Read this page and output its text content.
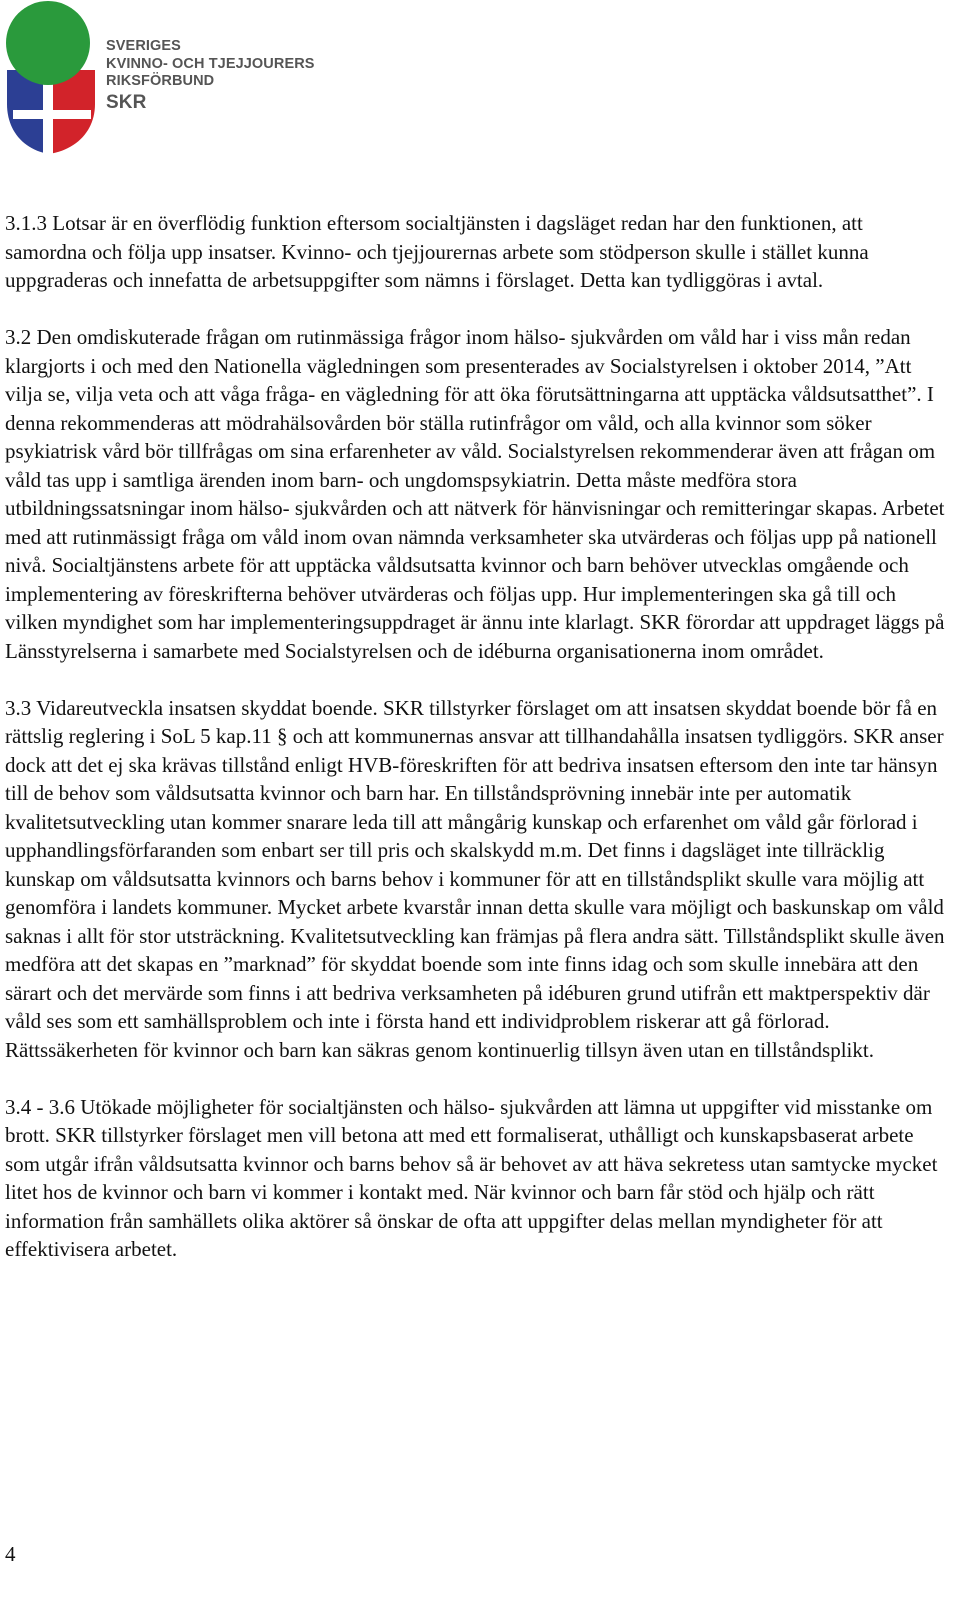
SVERIGES
KVINNO- OCH TJEJJOURERS
RIKSFÖRBUND
SKR

3.1.3 Lotsar är en överflödig funktion eftersom socialtjänsten i dagsläget redan har den funktionen, att samordna och följa upp insatser. Kvinno- och tjejjourernas arbete som stödperson skulle i stället kunna uppgraderas och innefatta de arbetsuppgifter som nämns i förslaget. Detta kan tydliggöras i avtal.

3.2 Den omdiskuterade frågan om rutinmässiga frågor inom hälso- sjukvården om våld har i viss mån redan klargjorts i och med den Nationella vägledningen som presenterades av Socialstyrelsen i oktober 2014, ”Att vilja se, vilja veta och att våga fråga- en vägledning för att öka förutsättningarna att upptäcka våldsutsatthet”. I denna rekommenderas att mödrahälsovården bör ställa rutinfrågor om våld, och alla kvinnor som söker psykiatrisk vård bör tillfrågas om sina erfarenheter av våld. Socialstyrelsen rekommenderar även att frågan om våld tas upp i samtliga ärenden inom barn- och ungdomspsykiatrin. Detta måste medföra stora utbildningssatsningar inom hälso- sjukvården och att nätverk för hänvisningar och remitteringar skapas. Arbetet med att rutinmässigt fråga om våld inom ovan nämnda verksamheter ska utvärderas och följas upp på nationell nivå. Socialtjänstens arbete för att upptäcka våldsutsatta kvinnor och barn behöver utvecklas omgående och implementering av föreskrifterna behöver utvärderas och följas upp. Hur implementeringen ska gå till och vilken myndighet som har implementeringsuppdraget är ännu inte klarlagt. SKR förordar att uppdraget läggs på Länsstyrelserna i samarbete med Socialstyrelsen och de idéburna organisationerna inom området.

3.3 Vidareutveckla insatsen skyddat boende. SKR tillstyrker förslaget om att insatsen skyddat boende bör få en rättslig reglering i SoL 5 kap.11 § och att kommunernas ansvar att tillhandahålla insatsen tydliggörs. SKR anser dock att det ej ska krävas tillstånd enligt HVB-föreskriften för att bedriva insatsen eftersom den inte tar hänsyn till de behov som våldsutsatta kvinnor och barn har. En tillståndsprövning innebär inte per automatik kvalitetsutveckling utan kommer snarare leda till att mångårig kunskap och erfarenhet om våld går förlorad i upphandlingsförfaranden som enbart ser till pris och skalskydd m.m. Det finns i dagsläget inte tillräcklig kunskap om våldsutsatta kvinnors och barns behov i kommuner för att en tillståndsplikt skulle vara möjlig att genomföra i landets kommuner. Mycket arbete kvarstår innan detta skulle vara möjligt och baskunskap om våld saknas i allt för stor utsträckning. Kvalitetsutveckling kan främjas på flera andra sätt. Tillståndsplikt skulle även medföra att det skapas en ”marknad” för skyddat boende som inte finns idag och som skulle innebära att den särart och det mervärde som finns i att bedriva verksamheten på idéburen grund utifrån ett maktperspektiv där våld ses som ett samhällsproblem och inte i första hand ett individproblem riskerar att gå förlorad. Rättssäkerheten för kvinnor och barn kan säkras genom kontinuerlig tillsyn även utan en tillståndsplikt.

3.4 - 3.6 Utökade möjligheter för socialtjänsten och hälso- sjukvården att lämna ut uppgifter vid misstanke om brott. SKR tillstyrker förslaget men vill betona att med ett formaliserat, uthålligt och kunskapsbaserat arbete som utgår ifrån våldsutsatta kvinnor och barns behov så är behovet av att häva sekretess utan samtycke mycket litet hos de kvinnor och barn vi kommer i kontakt med. När kvinnor och barn får stöd och hjälp och rätt information från samhällets olika aktörer så önskar de ofta att uppgifter delas mellan myndigheter för att effektivisera arbetet.

4
